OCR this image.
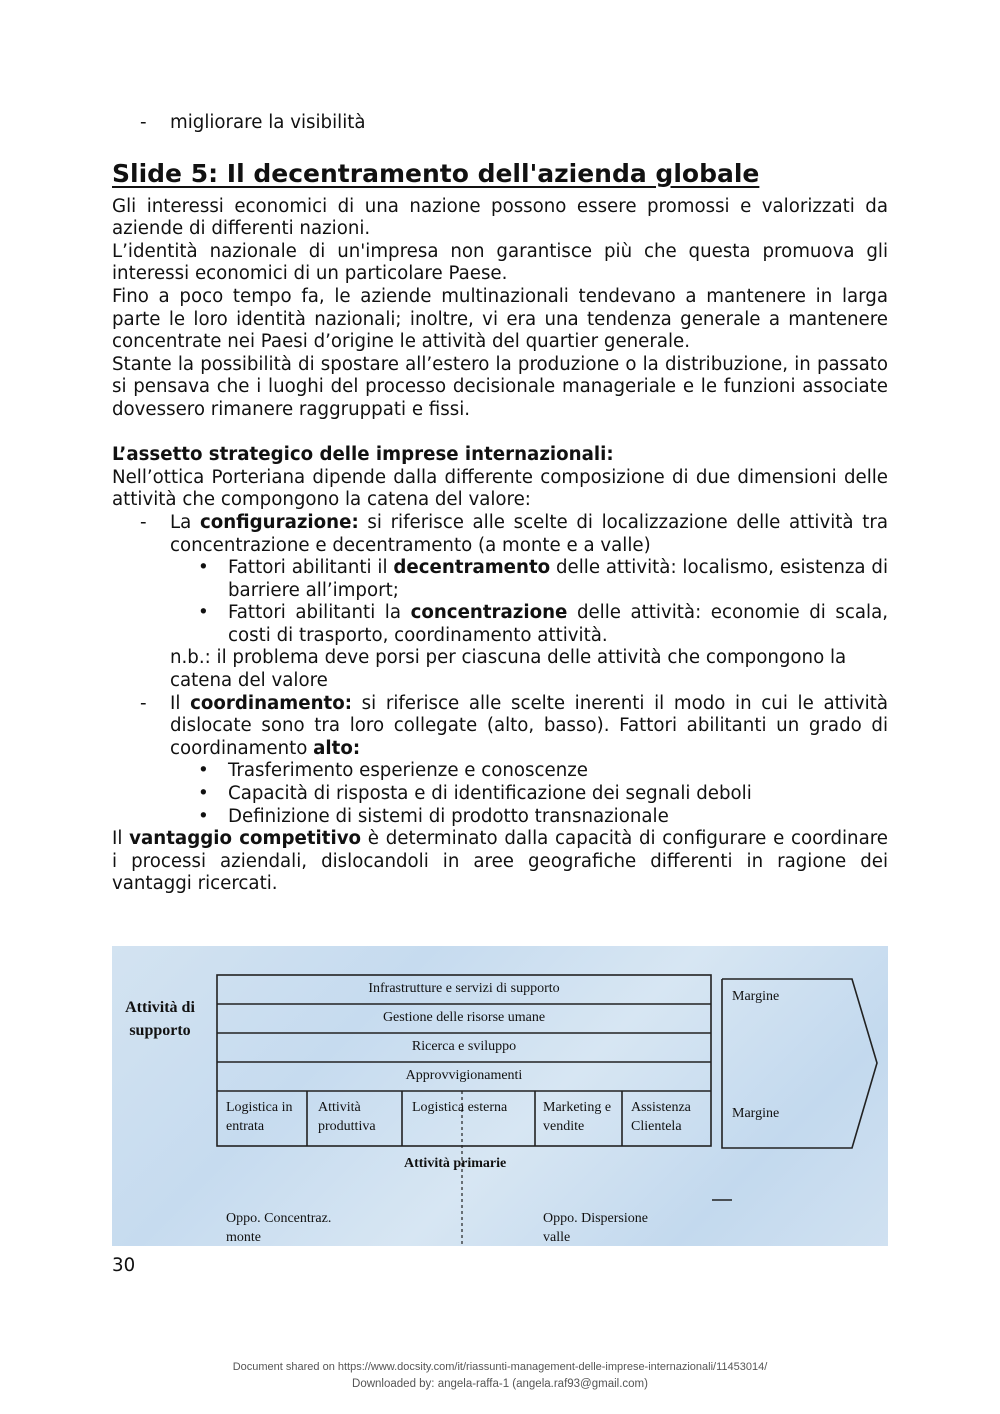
- migliorare la visibilità
Slide 5: Il decentramento dell'azienda globale

Gli interessi economici di una nazione possono essere promossi e valorizzati da aziende di differenti nazioni.

L’identità nazionale di un'impresa non garantisce più che questa promuova gli interessi economici di un particolare Paese.

Fino a poco tempo fa, le aziende multinazionali tendevano a mantenere in larga parte le loro identità nazionali; inoltre, vi era una tendenza generale a mantenere concentrate nei Paesi d’origine le attività del quartier generale.

Stante la possibilità di spostare all’estero la produzione o la distribuzione, in passato si pensava che i luoghi del processo decisionale manageriale e le funzioni associate dovessero rimanere raggruppati e fissi.

L’assetto strategico delle imprese internazionali:

Nell’ottica Porteriana dipende dalla differente composizione di due dimensioni delle attività che compongono la catena del valore:

- La configurazione: si riferisce alle scelte di localizzazione delle attività tra concentrazione e decentramento (a monte e a valle)
• Fattori abilitanti il decentramento delle attività: localismo, esistenza di barriere all’import;
• Fattori abilitanti la concentrazione delle attività: economie di scala, costi di trasporto, coordinamento attività.

n.b.: il problema deve porsi per ciascuna delle attività che compongono la catena del valore

- Il coordinamento: si riferisce alle scelte inerenti il modo in cui le attività dislocate sono tra loro collegate (alto, basso). Fattori abilitanti un grado di coordinamento alto:
• Trasferimento esperienze e conoscenze
• Capacità di risposta e di identificazione dei segnali deboli
• Definizione di sistemi di prodotto transnazionale

Il vantaggio competitivo è determinato dalla capacità di configurare e coordinare i processi aziendali, dislocandoli in aree geografiche differenti in ragione dei vantaggi ricercati.

Attività di supporto
Infrastrutture e servizi di supporto
Gestione delle risorse umane
Ricerca e sviluppo
Approvvigionamenti
Logistica in entrata
Attività produttiva
Logistica esterna	Marketing e vendite
Assistenza Clientela
Attività primarie
Margine
Margine
Oppo. Concentraz. monte
Oppo. Dispersione valle
30
Document shared on https://www.docsity.com/it/riassunti-management-delle-imprese-internazionali/11453014/
Downloaded by: angela-raffa-1 (angela.raf93@gmail.com)
